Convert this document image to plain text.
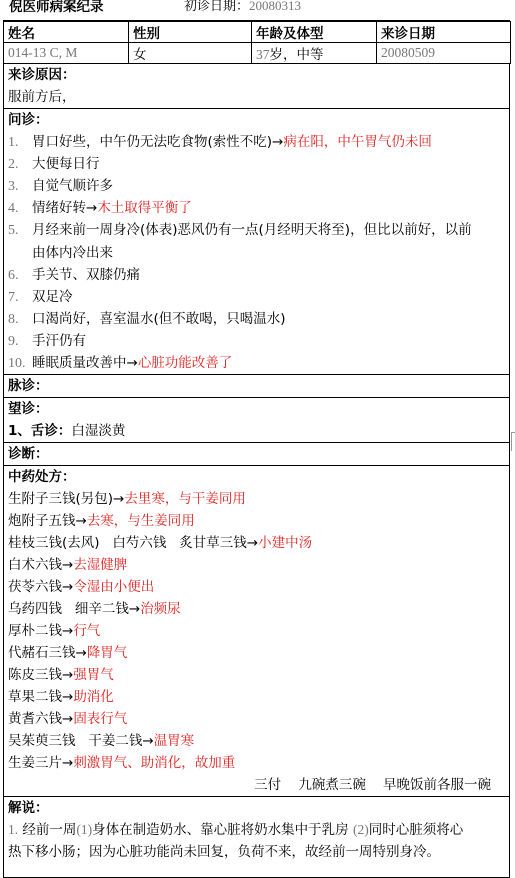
倪医师病案纪录	初诊日期：20080313
姓名	性别	年龄及体型	来诊日期
014-13 C, M	女	37岁，中等	20080509
来诊原因：
服前方后，
问诊：
1. 胃口好些，中午仍无法吃食物(索性不吃)→病在阳，中午胃气仍未回
2. 大便每日行
3. 自觉气顺许多
4. 情绪好转→木土取得平衡了
5. 月经来前一周身冷(体表)恶风仍有一点(月经明天将至)，但比以前好，以前
由体内冷出来
6. 手关节、双膝仍痛
7. 双足冷
8. 口渴尚好，喜室温水(但不敢喝，只喝温水)
9. 手汗仍有
10. 睡眠质量改善中→心脏功能改善了
脉诊：
望诊：
1、舌诊：白湿淡黄
诊断：
中药处方：
生附子三钱(另包)→去里寒，与干姜同用
炮附子五钱→去寒，与生姜同用
桂枝三钱(去风) 白芍六钱 炙甘草三钱→小建中汤
白术六钱→去湿健脾
茯苓六钱→令湿由小便出
乌药四钱 细辛二钱→治频尿
厚朴二钱→行气
代赭石三钱→降胃气
陈皮三钱→强胃气
草果二钱→助消化
黄耆六钱→固表行气
吴茱萸三钱 干姜二钱→温胃寒
生姜三片→刺激胃气、助消化，故加重
三付    九碗煮三碗    早晚饭前各服一碗
解说：
1. 经前一周(1)身体在制造奶水、靠心脏将奶水集中于乳房 (2)同时心脏须将心
热下移小肠；因为心脏功能尚未回复，负荷不来，故经前一周特别身冷。
